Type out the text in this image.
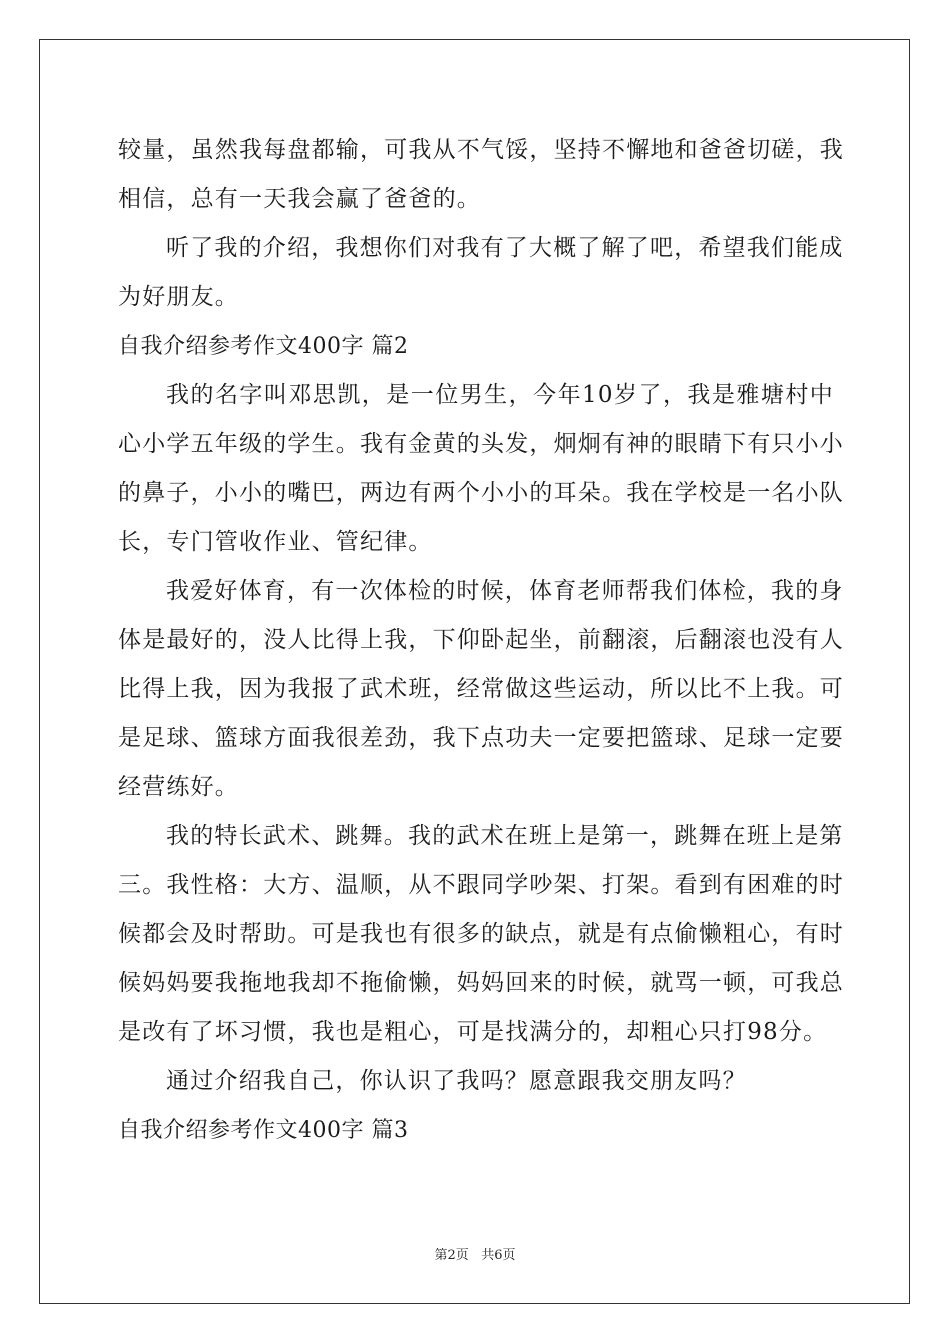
较量，虽然我每盘都输，可我从不气馁，坚持不懈地和爸爸切磋，我
相信，总有一天我会赢了爸爸的。
听了我的介绍，我想你们对我有了大概了解了吧，希望我们能成
为好朋友。
自我介绍参考作文400字 篇2
我的名字叫邓思凯，是一位男生，今年10岁了，我是雅塘村中
心小学五年级的学生。我有金黄的头发，炯炯有神的眼睛下有只小小
的鼻子，小小的嘴巴，两边有两个小小的耳朵。我在学校是一名小队
长，专门管收作业、管纪律。
我爱好体育，有一次体检的时候，体育老师帮我们体检，我的身
体是最好的，没人比得上我，下仰卧起坐，前翻滚，后翻滚也没有人
比得上我，因为我报了武术班，经常做这些运动，所以比不上我。可
是足球、篮球方面我很差劲，我下点功夫一定要把篮球、足球一定要
经营练好。
我的特长武术、跳舞。我的武术在班上是第一，跳舞在班上是第
三。我性格：大方、温顺，从不跟同学吵架、打架。看到有困难的时
候都会及时帮助。可是我也有很多的缺点，就是有点偷懒粗心，有时
候妈妈要我拖地我却不拖偷懒，妈妈回来的时候，就骂一顿，可我总
是改有了坏习惯，我也是粗心，可是找满分的，却粗心只打98分。
通过介绍我自己，你认识了我吗？愿意跟我交朋友吗？
自我介绍参考作文400字 篇3
第2页 共6页
